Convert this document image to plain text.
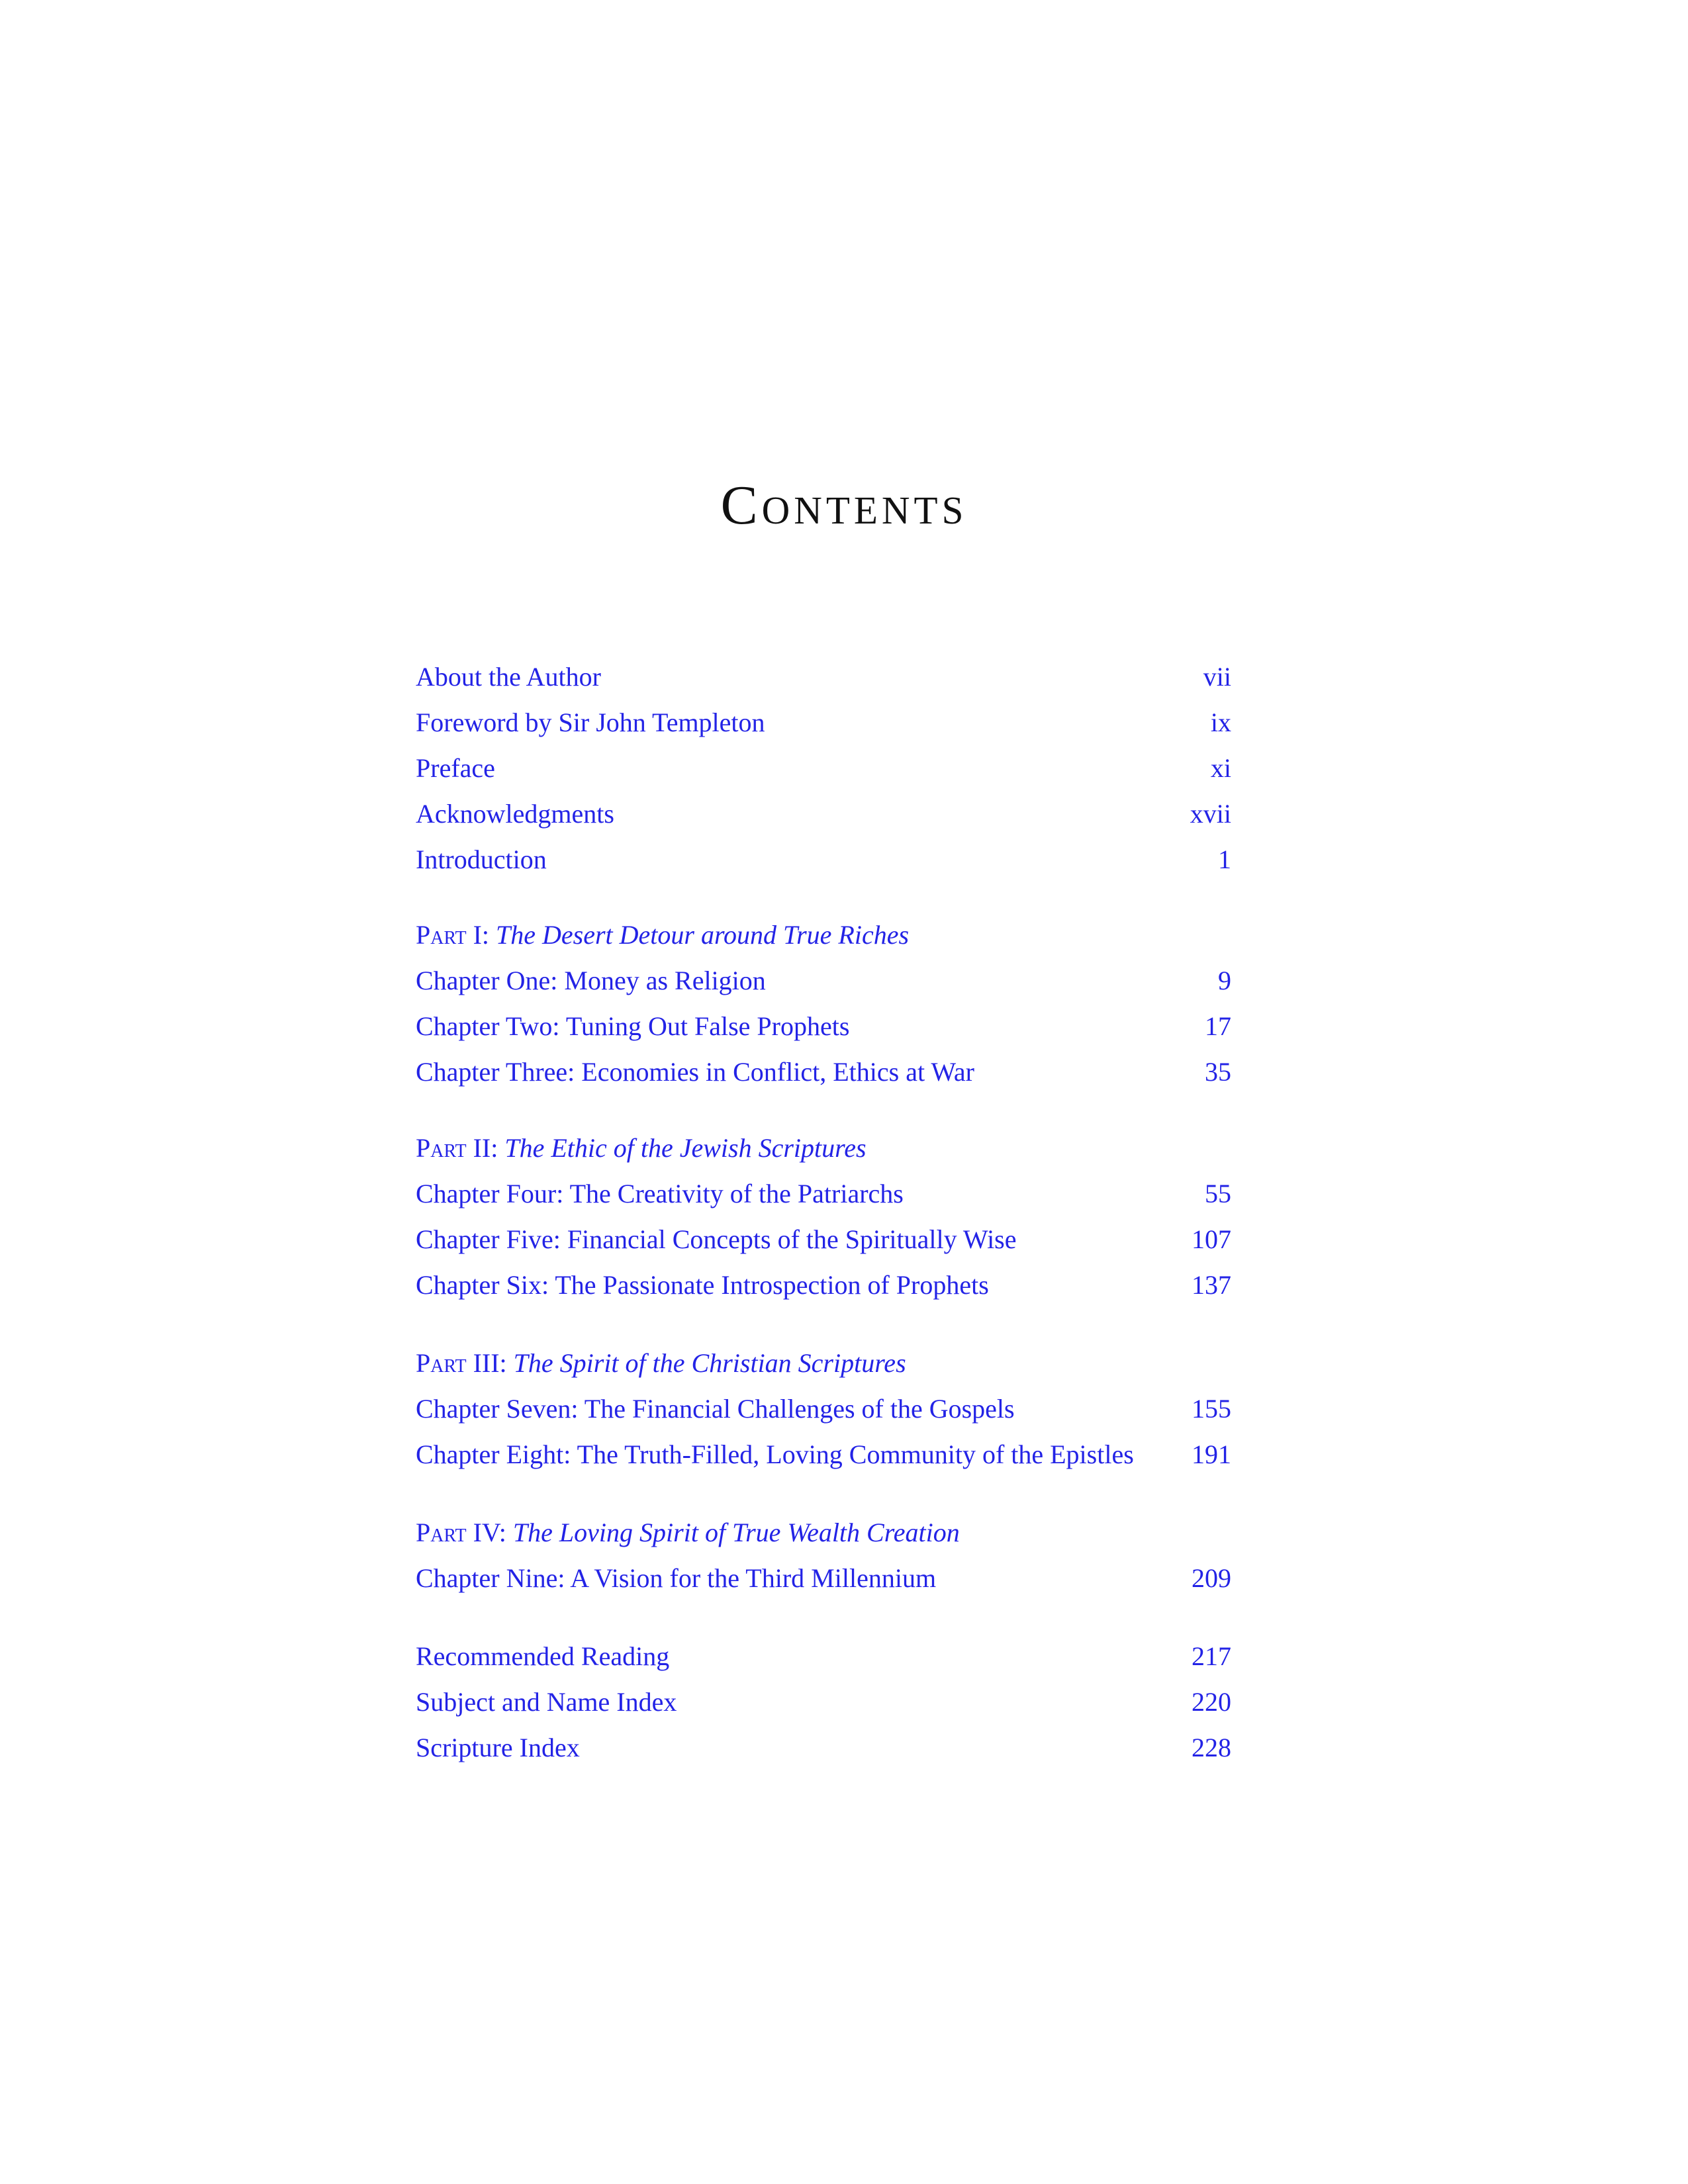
Contents
About the Author	vii
Foreword by Sir John Templeton	ix
Preface	xi
Acknowledgments	xvii
Introduction	1
Part I: The Desert Detour around True Riches
Chapter One: Money as Religion	9
Chapter Two: Tuning Out False Prophets	17
Chapter Three: Economies in Conflict, Ethics at War	35
Part II: The Ethic of the Jewish Scriptures
Chapter Four: The Creativity of the Patriarchs	55
Chapter Five: Financial Concepts of the Spiritually Wise	107
Chapter Six: The Passionate Introspection of Prophets	137
Part III: The Spirit of the Christian Scriptures
Chapter Seven: The Financial Challenges of the Gospels	155
Chapter Eight: The Truth-Filled, Loving Community of the Epistles 191
Part IV: The Loving Spirit of True Wealth Creation
Chapter Nine: A Vision for the Third Millennium	209
Recommended Reading	217
Subject and Name Index	220
Scripture Index	228
